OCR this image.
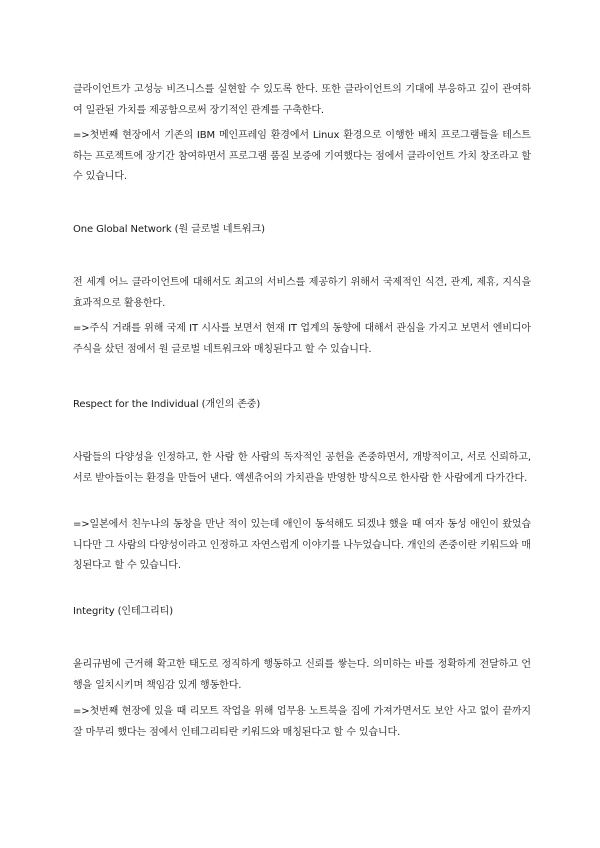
클라이언트가 고성능 비즈니스를 실현할 수 있도록 한다. 또한 클라이언트의 기대에 부응하고 깊이 관여하여 일관된 가치를 제공함으로써 장기적인 관계를 구축한다.

=>첫번째 현장에서 기존의 IBM 메인프레임 환경에서 Linux 환경으로 이행한 배치 프로그램들을 테스트 하는 프로젝트에 장기간 참여하면서 프로그램 품질 보증에 기여했다는 점에서 클라이언트 가치 창조라고 할 수 있습니다.

One Global Network (원 글로벌 네트워크)

전 세계 어느 클라이언트에 대해서도 최고의 서비스를 제공하기 위해서 국제적인 식견, 관계, 제휴, 지식을 효과적으로 활용한다.

=>주식 거래를 위해 국제 IT 시사를 보면서 현재 IT 업계의 동향에 대해서 관심을 가지고 보면서 엔비디아 주식을 샀던 점에서 원 글로벌 네트워크와 매칭된다고 할 수 있습니다.

Respect for the Individual (개인의 존중)

사람들의 다양성을 인정하고, 한 사람 한 사람의 독자적인 공헌을 존중하면서, 개방적이고, 서로 신뢰하고, 서로 받아들이는 환경을 만들어 낸다. 액센츄어의 가치관을 반영한 방식으로 한사람 한 사람에게 다가간다.

=>일본에서 친누나의 동창을 만난 적이 있는데 애인이 동석해도 되겠냐 했을 때 여자 동성 애인이 왔었습니다만 그 사람의 다양성이라고 인정하고 자연스럽게 이야기를 나누었습니다. 개인의 존중이란 키워드와 매칭된다고 할 수 있습니다.

Integrity (인테그리티)

윤리규범에 근거해 확고한 태도로 정직하게 행동하고 신뢰를 쌓는다. 의미하는 바를 정확하게 전달하고 언행을 일치시키며 책임감 있게 행동한다.

=>첫번째 현장에 있을 때 리모트 작업을 위해 업무용 노트북을 집에 가져가면서도 보안 사고 없이 끝까지 잘 마무리 했다는 점에서 인테그리티란 키워드와 매칭된다고 할 수 있습니다.
